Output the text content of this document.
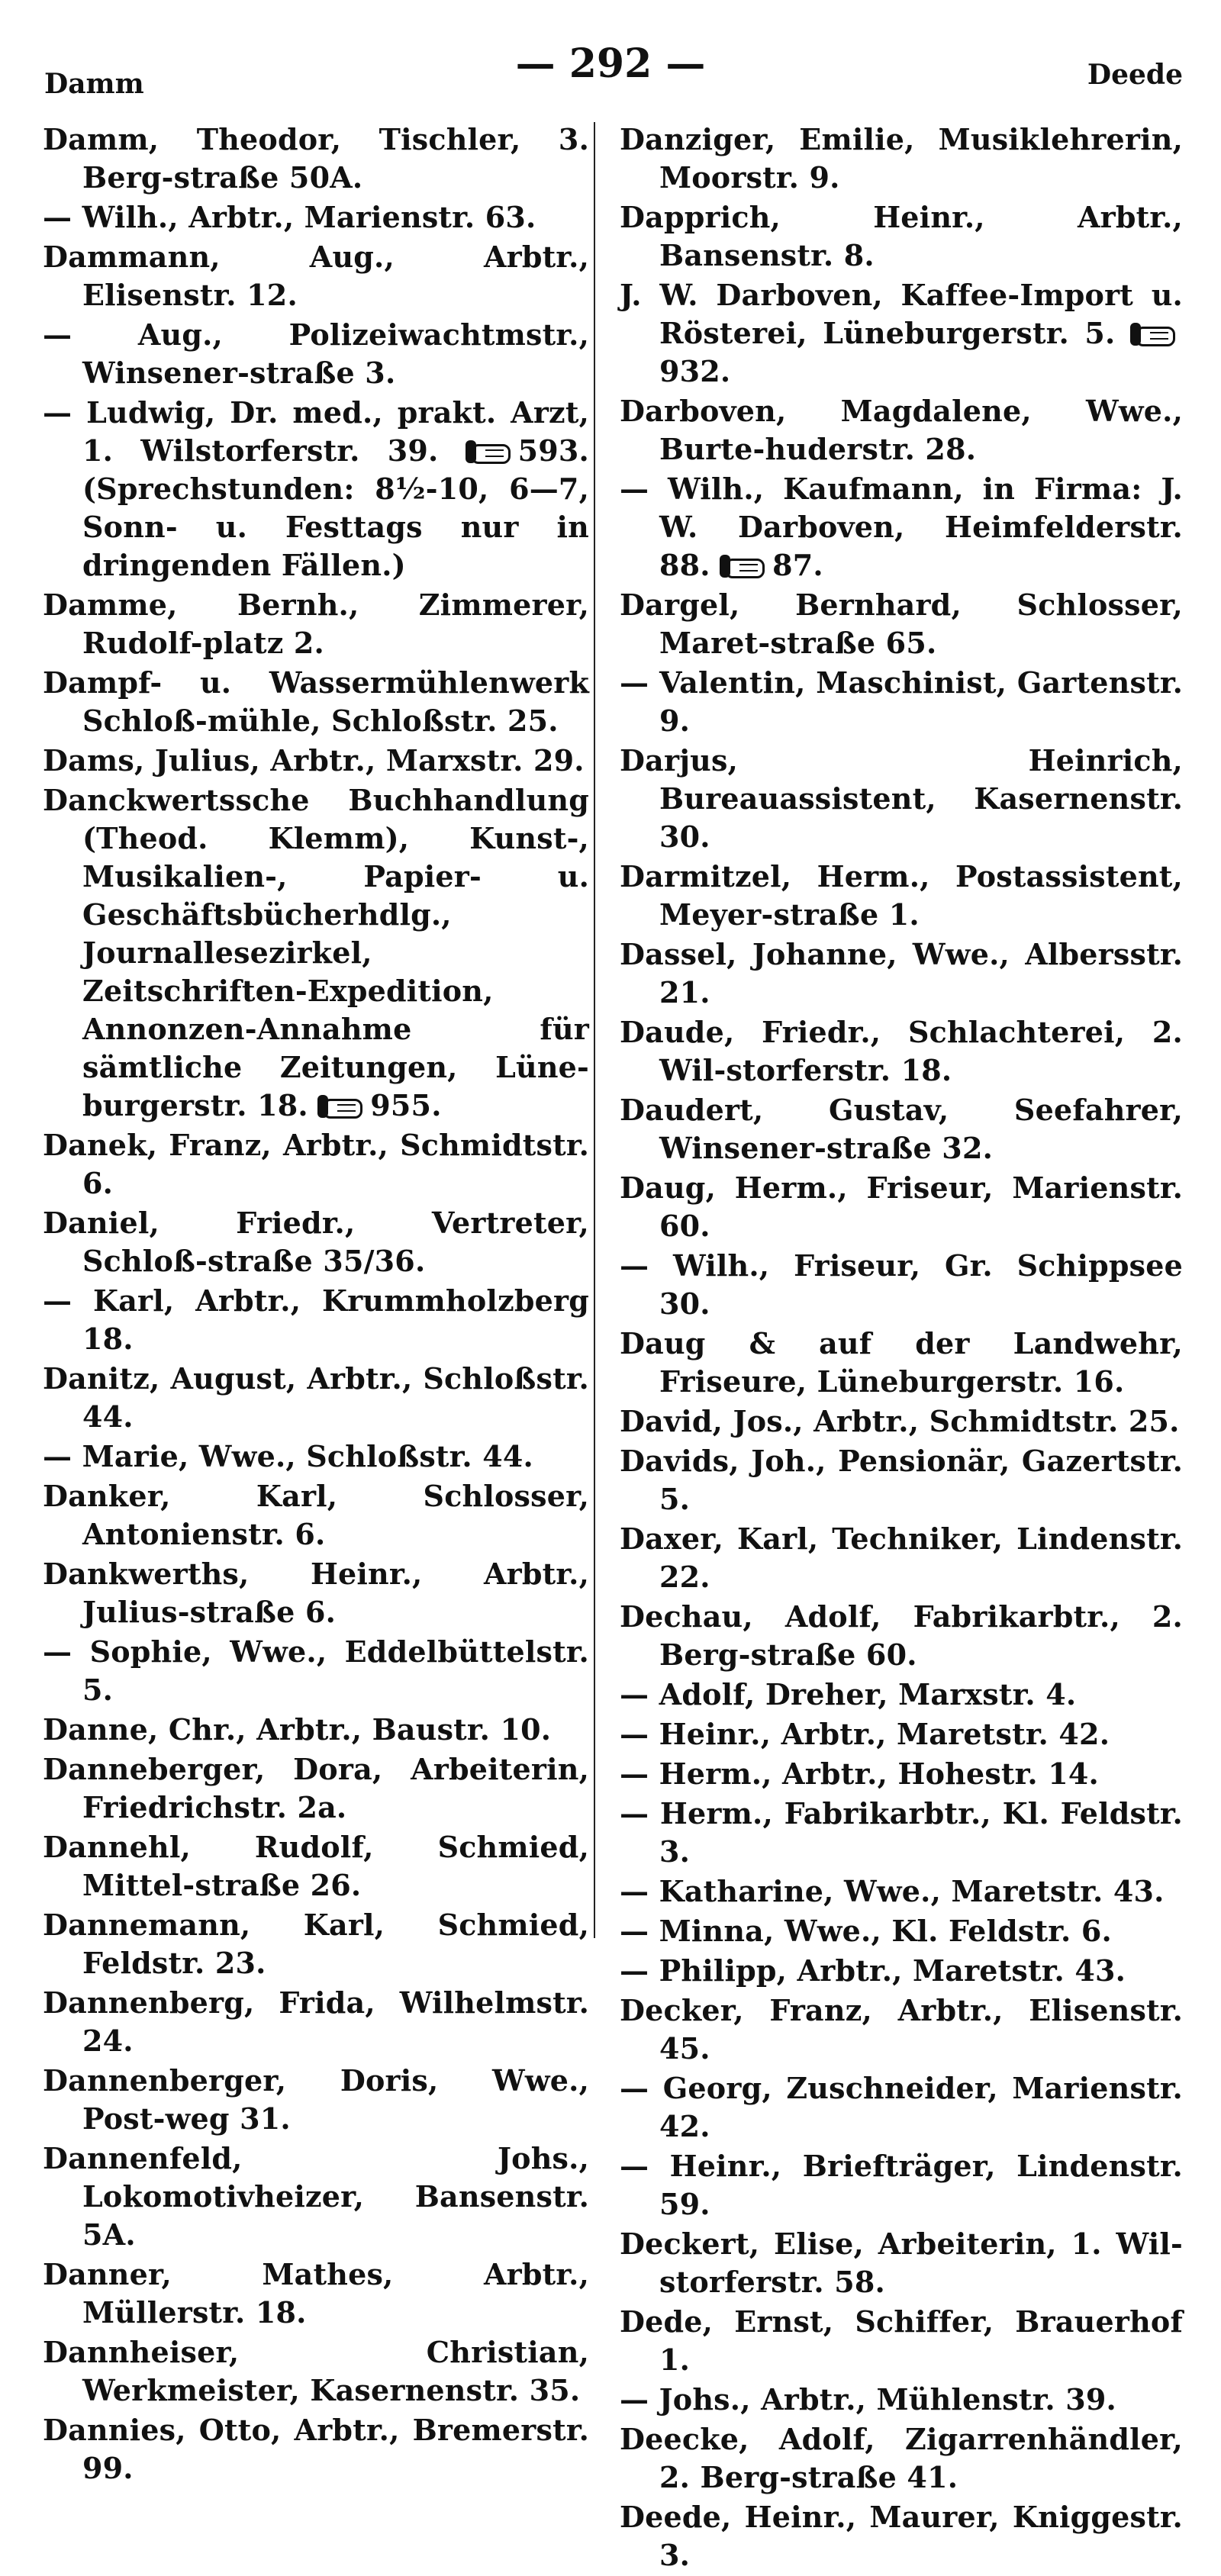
Damm	— 292 —	Deede

Damm, Theodor, Tischler, 3. Berg-straße 50A.

— Wilh., Arbtr., Marienstr. 63.

Dammann, Aug., Arbtr., Elisenstr. 12.

— Aug., Polizeiwachtmstr., Winsener-straße 3.

— Ludwig, Dr. med., prakt. Arzt, 1. Wilstorferstr. 39.	593. (Sprechstunden: 8½-10, 6—7, Sonn- u. Festtags nur in dringenden Fällen.)

Damme, Bernh., Zimmerer, Rudolf-platz 2.

Dampf- u. Wassermühlenwerk Schloß-mühle, Schloßstr. 25.

Dams, Julius, Arbtr., Marxstr. 29.

Danckwertssche Buchhandlung (Theod. Klemm), Kunst-, Musikalien-, Papier- u. Geschäftsbücherhdlg., Journallesezirkel, Zeitschriften-Expedition, Annonzen-Annahme für sämtliche Zeitungen, Lüne-burgerstr. 18. 955.

Danek, Franz, Arbtr., Schmidtstr. 6.

Daniel, Friedr., Vertreter, Schloß-straße 35/36.

— Karl, Arbtr., Krummholzberg 18.

Danitz, August, Arbtr., Schloßstr. 44.

— Marie, Wwe., Schloßstr. 44.

Danker, Karl, Schlosser, Antonienstr. 6.

Dankwerths, Heinr., Arbtr., Julius-straße 6.

— Sophie, Wwe., Eddelbüttelstr. 5.

Danne, Chr., Arbtr., Baustr. 10.

Danneberger, Dora, Arbeiterin, Friedrichstr. 2a.

Dannehl, Rudolf, Schmied, Mittel-straße 26.

Dannemann, Karl, Schmied, Feldstr. 23.

Dannenberg, Frida, Wilhelmstr. 24.

Dannenberger, Doris, Wwe., Post-weg 31.

Dannenfeld, Johs., Lokomotivheizer, Bansenstr. 5A.

Danner, Mathes, Arbtr., Müllerstr. 18.

Dannheiser, Christian, Werkmeister, Kasernenstr. 35.

Dannies, Otto, Arbtr., Bremerstr. 99.

Danziger, Emilie, Musiklehrerin, Moorstr. 9.

Dapprich, Heinr., Arbtr., Bansenstr. 8.

J. W. Darboven, Kaffee-Import u. Rösterei, Lüneburgerstr. 5. 932.

Darboven, Magdalene, Wwe., Burte-huderstr. 28.

— Wilh., Kaufmann, in Firma: J. W. Darboven, Heimfelderstr. 88. 87.

Dargel, Bernhard, Schlosser, Maret-straße 65.

— Valentin, Maschinist, Gartenstr. 9.

Darjus, Heinrich, Bureauassistent, Kasernenstr. 30.

Darmitzel, Herm., Postassistent, Meyer-straße 1.

Dassel, Johanne, Wwe., Albersstr. 21.

Daude, Friedr., Schlachterei, 2. Wil-storferstr. 18.

Daudert, Gustav, Seefahrer, Winsener-straße 32.

Daug, Herm., Friseur, Marienstr. 60.

— Wilh., Friseur, Gr. Schippsee 30.

Daug & auf der Landwehr, Friseure, Lüneburgerstr. 16.

David, Jos., Arbtr., Schmidtstr. 25.

Davids, Joh., Pensionär, Gazertstr. 5.

Daxer, Karl, Techniker, Lindenstr. 22.

Dechau, Adolf, Fabrikarbtr., 2. Berg-straße 60.

— Adolf, Dreher, Marxstr. 4.

— Heinr., Arbtr., Maretstr. 42.

— Herm., Arbtr., Hohestr. 14.

— Herm., Fabrikarbtr., Kl. Feldstr. 3.

— Katharine, Wwe., Maretstr. 43.

— Minna, Wwe., Kl. Feldstr. 6.

— Philipp, Arbtr., Maretstr. 43.

Decker, Franz, Arbtr., Elisenstr. 45.

— Georg, Zuschneider, Marienstr. 42.

— Heinr., Briefträger, Lindenstr. 59.

Deckert, Elise, Arbeiterin, 1. Wil-storferstr. 58.

Dede, Ernst, Schiffer, Brauerhof 1.

— Johs., Arbtr., Mühlenstr. 39.

Deecke, Adolf, Zigarrenhändler, 2. Berg-straße 41.

Deede, Heinr., Maurer, Kniggestr. 3.
